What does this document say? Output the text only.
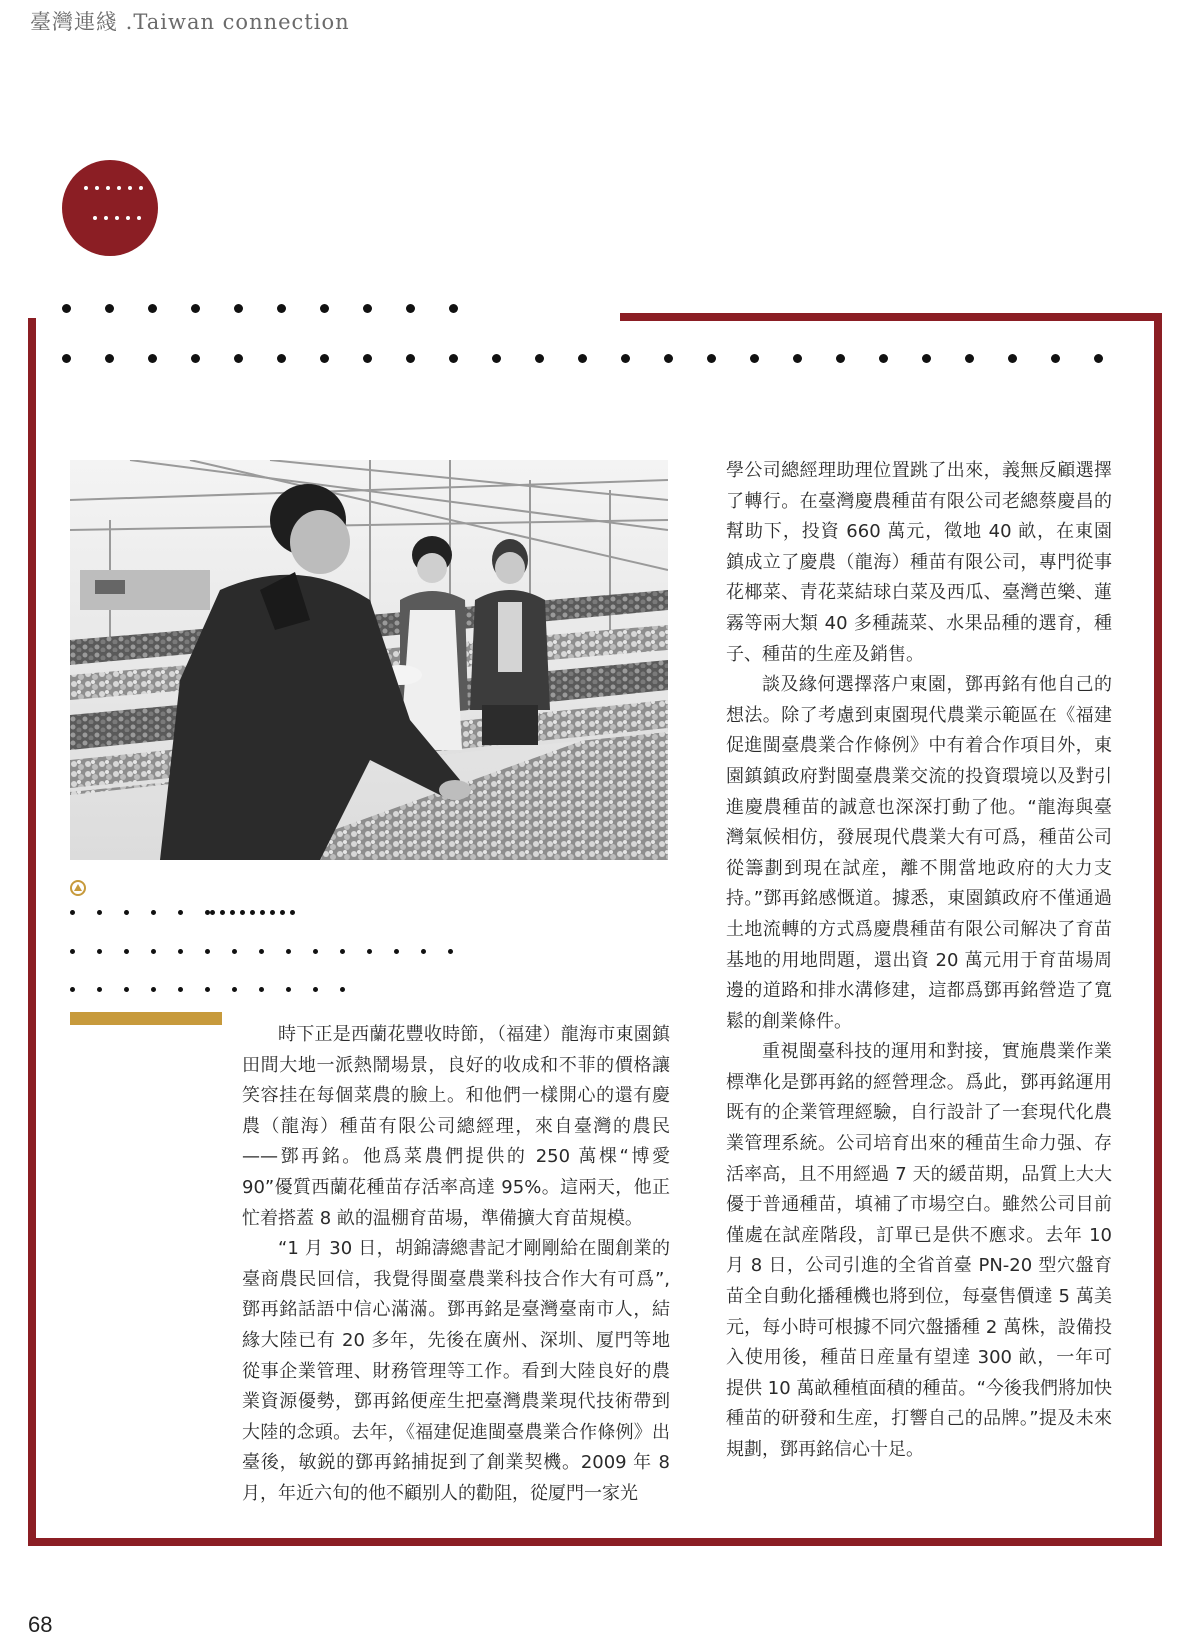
臺灣連綫 .Taiwan connection

時下正是西蘭花豐收時節，（福建）龍海市東園鎮田間大地一派熱鬧場景，良好的收成和不菲的價格讓笑容挂在每個菜農的臉上。和他們一樣開心的還有慶農（龍海）種苗有限公司總經理，來自臺灣的農民——鄧再銘。他爲菜農們提供的 250 萬棵“博愛 90”優質西蘭花種苗存活率高達 95%。這兩天，他正忙着搭蓋 8 畝的温棚育苗場，準備擴大育苗規模。

“1 月 30 日，胡錦濤總書記才剛剛給在閩創業的臺商農民回信，我覺得閩臺農業科技合作大有可爲”,鄧再銘話語中信心滿滿。鄧再銘是臺灣臺南市人，結緣大陸已有 20 多年，先後在廣州、深圳、厦門等地從事企業管理、財務管理等工作。看到大陸良好的農業資源優勢，鄧再銘便産生把臺灣農業現代技術帶到大陸的念頭。去年，《福建促進閩臺農業合作條例》出臺後，敏鋭的鄧再銘捕捉到了創業契機。2009 年 8 月，年近六旬的他不顧别人的勸阻，從厦門一家光

學公司總經理助理位置跳了出來，義無反顧選擇了轉行。在臺灣慶農種苗有限公司老總蔡慶昌的幫助下，投資 660 萬元，徵地 40 畝，在東園鎮成立了慶農（龍海）種苗有限公司，專門從事花椰菜、青花菜結球白菜及西瓜、臺灣芭樂、蓮霧等兩大類 40 多種蔬菜、水果品種的選育，種子、種苗的生産及銷售。

談及緣何選擇落户東園，鄧再銘有他自己的想法。除了考慮到東園現代農業示範區在《福建促進閩臺農業合作條例》中有着合作項目外，東園鎮鎮政府對閩臺農業交流的投資環境以及對引進慶農種苗的誠意也深深打動了他。“龍海與臺灣氣候相仿，發展現代農業大有可爲，種苗公司從籌劃到現在試産，離不開當地政府的大力支持。”鄧再銘感慨道。據悉，東園鎮政府不僅通過土地流轉的方式爲慶農種苗有限公司解决了育苗基地的用地問題，還出資 20 萬元用于育苗場周邊的道路和排水溝修建，這都爲鄧再銘營造了寬鬆的創業條件。

重視閩臺科技的運用和對接，實施農業作業標準化是鄧再銘的經營理念。爲此，鄧再銘運用既有的企業管理經驗，自行設計了一套現代化農業管理系統。公司培育出來的種苗生命力强、存活率高，且不用經過 7 天的緩苗期，品質上大大優于普通種苗，填補了市場空白。雖然公司目前僅處在試産階段，訂單已是供不應求。去年 10 月 8 日，公司引進的全省首臺 PN-20 型穴盤育苗全自動化播種機也將到位，每臺售價達 5 萬美元，每小時可根據不同穴盤播種 2 萬株，設備投入使用後，種苗日産量有望達 300 畝，一年可提供 10 萬畝種植面積的種苗。“今後我們將加快種苗的研發和生産，打響自己的品牌。”提及未來規劃，鄧再銘信心十足。

68
